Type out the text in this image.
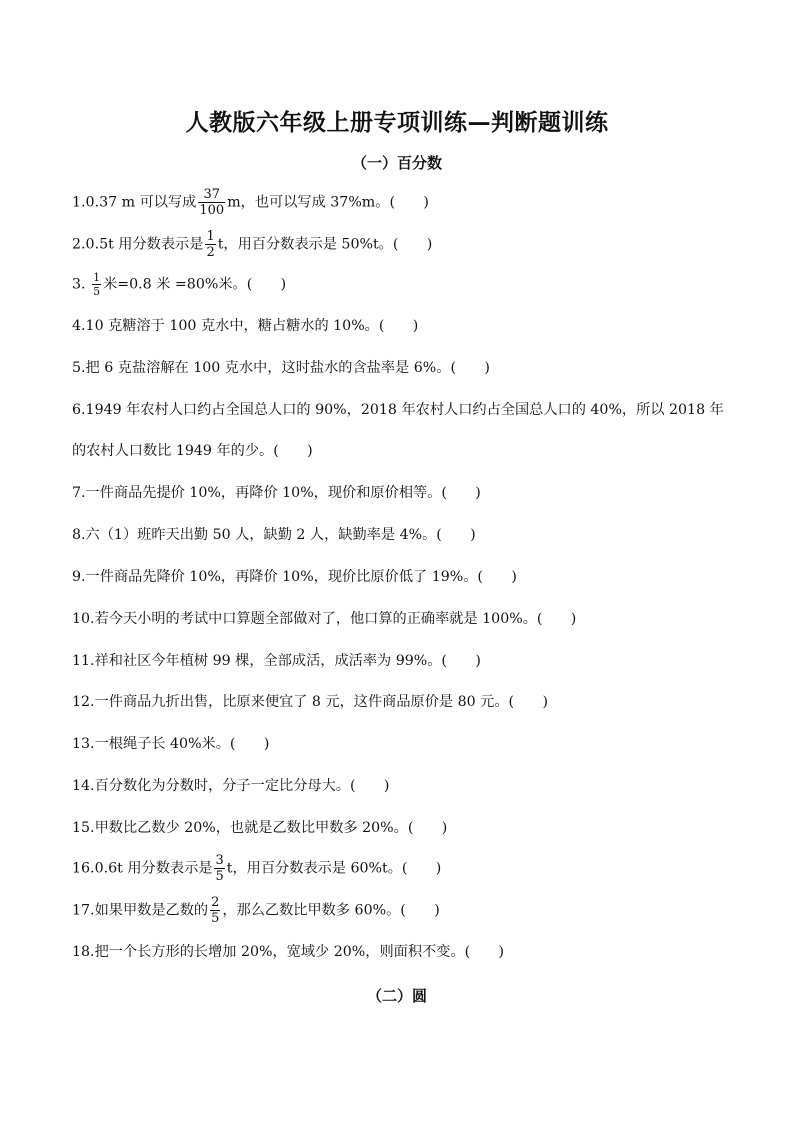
人教版六年级上册专项训练—判断题训练
（一）百分数
1.0.37 m 可以写成 $\frac{37}{100}$ m，也可以写成 37%m。(　　)
2.0.5t 用分数表示是 $\frac{1}{2}$ t，用百分数表示是 50%t。(　　)
3. $\frac{1}{5}$ 米=0.8 米 =80%米。(　　)
4.10 克糖溶于 100 克水中，糖占糖水的 10%。(　　)
5.把 6 克盐溶解在 100 克水中，这时盐水的含盐率是 6%。(　　)
6.1949 年农村人口约占全国总人口的 90%，2018 年农村人口约占全国总人口的 40%，所以 2018 年的农村人口数比 1949 年的少。(　　)
7.一件商品先提价 10%，再降价 10%，现价和原价相等。(　　)
8.六（1）班昨天出勤 50 人，缺勤 2 人，缺勤率是 4%。(　　)
9.一件商品先降价 10%，再降价 10%，现价比原价低了 19%。(　　)
10.若今天小明的考试中口算题全部做对了，他口算的正确率就是 100%。(　　)
11.祥和社区今年植树 99 棵，全部成活，成活率为 99%。(　　)
12.一件商品九折出售，比原来便宜了 8 元，这件商品原价是 80 元。(　　)
13.一根绳子长 40%米。(　　)
14.百分数化为分数时，分子一定比分母大。(　　)
15.甲数比乙数少 20%，也就是乙数比甲数多 20%。(　　)
16.0.6t 用分数表示是 $\frac{3}{5}$ t，用百分数表示是 60%t。(　　)
17.如果甲数是乙数的 $\frac{2}{5}$ ，那么乙数比甲数多 60%。(　　)
18.把一个长方形的长增加 20%，宽域少 20%，则面积不变。(　　)
（二）圆
